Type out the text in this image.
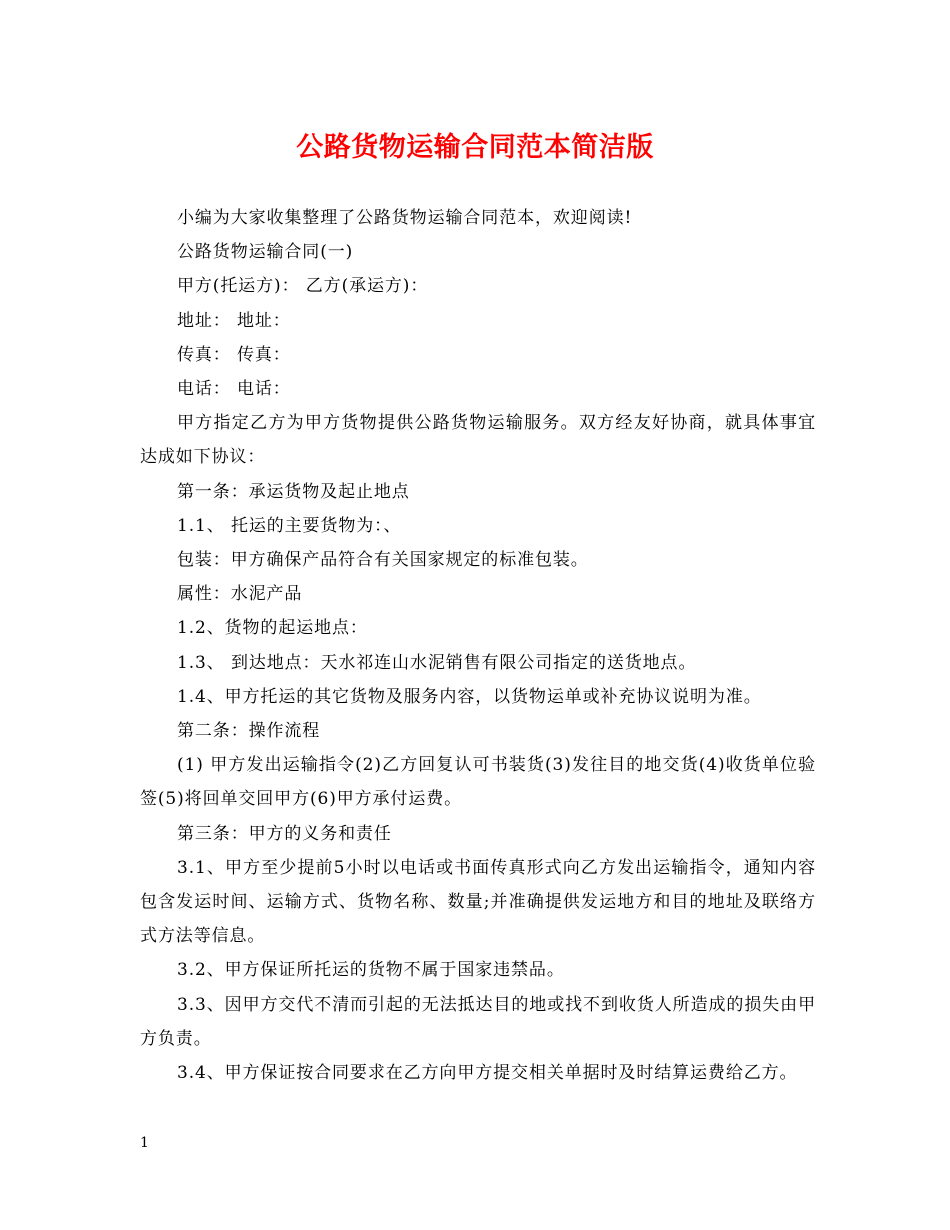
公路货物运输合同范本简洁版

小编为大家收集整理了公路货物运输合同范本，欢迎阅读!

公路货物运输合同(一)

甲方(托运方)： 乙方(承运方)：

地址： 地址：

传真： 传真：

电话： 电话：

甲方指定乙方为甲方货物提供公路货物运输服务。双方经友好协商，就具体事宜达成如下协议：

第一条：承运货物及起止地点

1.1、 托运的主要货物为：、

包装：甲方确保产品符合有关国家规定的标准包装。

属性：水泥产品

1.2、货物的起运地点：

1.3、 到达地点：天水祁连山水泥销售有限公司指定的送货地点。

1.4、甲方托运的其它货物及服务内容，以货物运单或补充协议说明为准。

第二条：操作流程

(1) 甲方发出运输指令(2)乙方回复认可书装货(3)发往目的地交货(4)收货单位验签(5)将回单交回甲方(6)甲方承付运费。

第三条：甲方的义务和责任

3.1、甲方至少提前5小时以电话或书面传真形式向乙方发出运输指令，通知内容包含发运时间、运输方式、货物名称、数量;并准确提供发运地方和目的地址及联络方式方法等信息。

3.2、甲方保证所托运的货物不属于国家违禁品。

3.3、因甲方交代不清而引起的无法抵达目的地或找不到收货人所造成的损失由甲方负责。

3.4、甲方保证按合同要求在乙方向甲方提交相关单据时及时结算运费给乙方。

1
